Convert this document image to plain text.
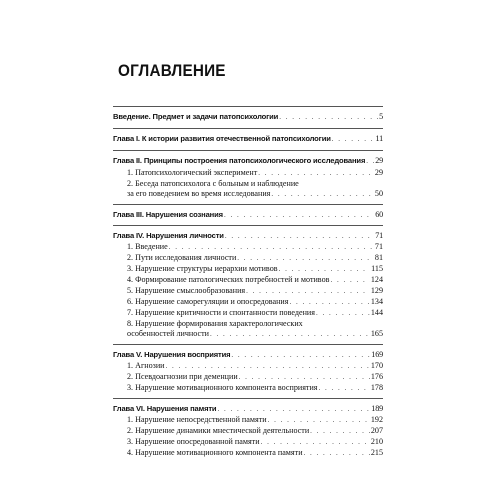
ОГЛАВЛЕНИЕ
Введение. Предмет и задачи патопсихологии . . .	5
Глава I. К истории развития отечественной патопсихологии . . .	11
Глава II. Принципы построения патопсихологического исследования . . . 29
1. Патопсихологический эксперимент . . .	29
2. Беседа патопсихолога с больным и наблюдение
за его поведением во время исследования . . .	50
Глава III. Нарушения сознания . . .	60
Глава IV. Нарушения личности . . .	71
1. Введение . . .	71
2. Пути исследования личности . . .	81
3. Нарушение структуры иерархии мотивов . . .	115
4. Формирование патологических потребностей и мотивов . . .	124
5. Нарушение смыслообразования . . .	129
6. Нарушение саморегуляции и опосредования . . .	134
7. Нарушение критичности и спонтанности поведения . . .	144
8. Нарушение формирования характерологических
особенностей личности . . .	165
Глава V. Нарушения восприятия . . .	169
1. Агнозии . . .	170
2. Псевдоагнозии при деменции . . .	176
3. Нарушение мотивационного компонента восприятия . . .	178
Глава VI. Нарушения памяти . . .	189
1. Нарушение непосредственной памяти . . .	192
2. Нарушение динамики мнестической деятельности . . .	207
3. Нарушение опосредованной памяти . . .	210
4. Нарушение мотивационного компонента памяти . . .	215
